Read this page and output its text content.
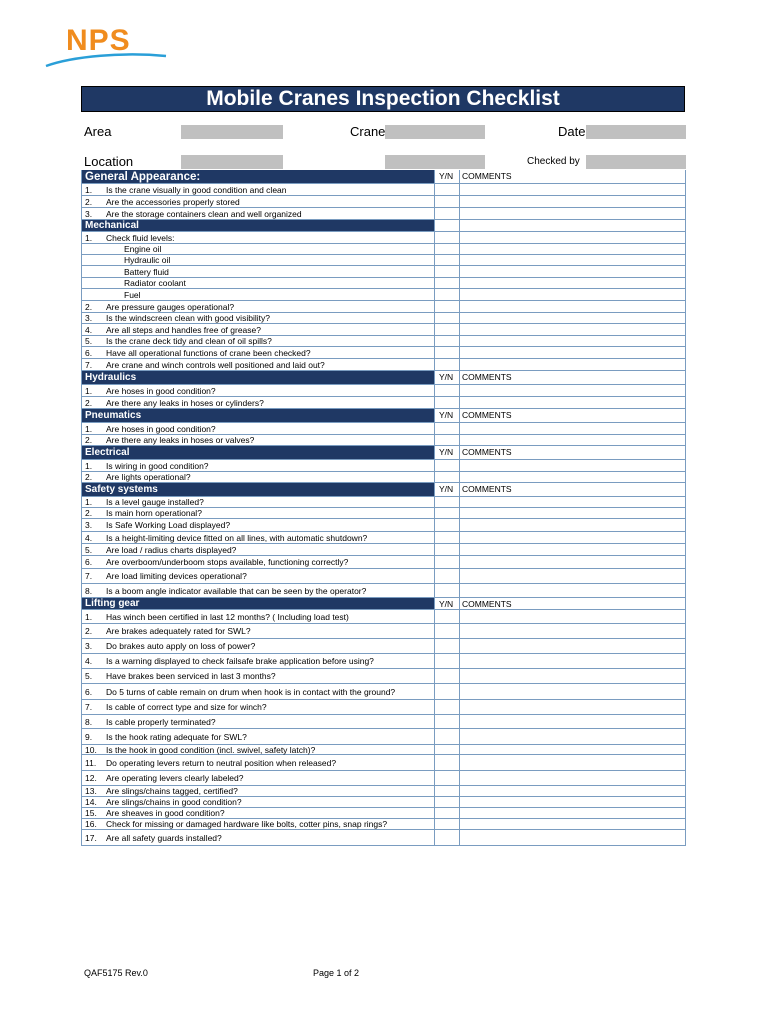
NPS
Mobile Cranes Inspection Checklist
Area	Crane	Date
Location	Checked by
General Appearance:	Y/N COMMENTS
1. Is the crane visually in good condition and clean
2. Are the accessories properly stored
3. Are the storage containers clean and well organized
Mechanical
1. Check fluid levels:
Engine oil
Hydraulic oil
Battery fluid
Radiator coolant
Fuel
2. Are pressure gauges operational?
3. Is the windscreen clean with good visibility?
4. Are all steps and handles free of grease?
5. Is the crane deck tidy and clean of oil spills?
6. Have all operational functions of crane been checked?
7. Are crane and winch controls well positioned and laid out?
Hydraulics	Y/N COMMENTS
1. Are hoses in good condition?
2. Are there any leaks in hoses or cylinders?
Pneumatics	Y/N COMMENTS
1. Are hoses in good condition?
2. Are there any leaks in hoses or valves?
Electrical	Y/N COMMENTS
1. Is wiring in good condition?
2. Are lights operational?
Safety systems	Y/N COMMENTS
1. Is a level gauge installed?
2. Is main horn operational?
3. Is Safe Working Load displayed?
4. Is a height-limiting device fitted on all lines, with automatic shutdown?
5. Are load / radius charts displayed?
6. Are overboom/underboom stops available, functioning correctly?
7. Are load limiting devices operational?
8. Is a boom angle indicator available that can be seen by the operator?
Lifting gear	Y/N COMMENTS
1. Has winch been certified in last 12 months? ( Including load test)
2. Are brakes adequately rated for SWL?
3. Do brakes auto apply on loss of power?
4. Is a warning displayed to check failsafe brake application before using?
5. Have brakes been serviced in last 3 months?
6. Do 5 turns of cable remain on drum when hook is in contact with the ground?
7. Is cable of correct type and size for winch?
8. Is cable properly terminated?
9. Is the hook rating adequate for SWL?
10. Is the hook in good condition (incl. swivel, safety latch)?
11. Do operating levers return to neutral position when released?
12. Are operating levers clearly labeled?
13. Are slings/chains tagged, certified?
14. Are slings/chains in good condition?
15. Are sheaves in good condition?
16. Check for missing or damaged hardware like bolts, cotter pins, snap rings?
17. Are all safety guards installed?
QAF5175 Rev.0	Page 1 of 2
